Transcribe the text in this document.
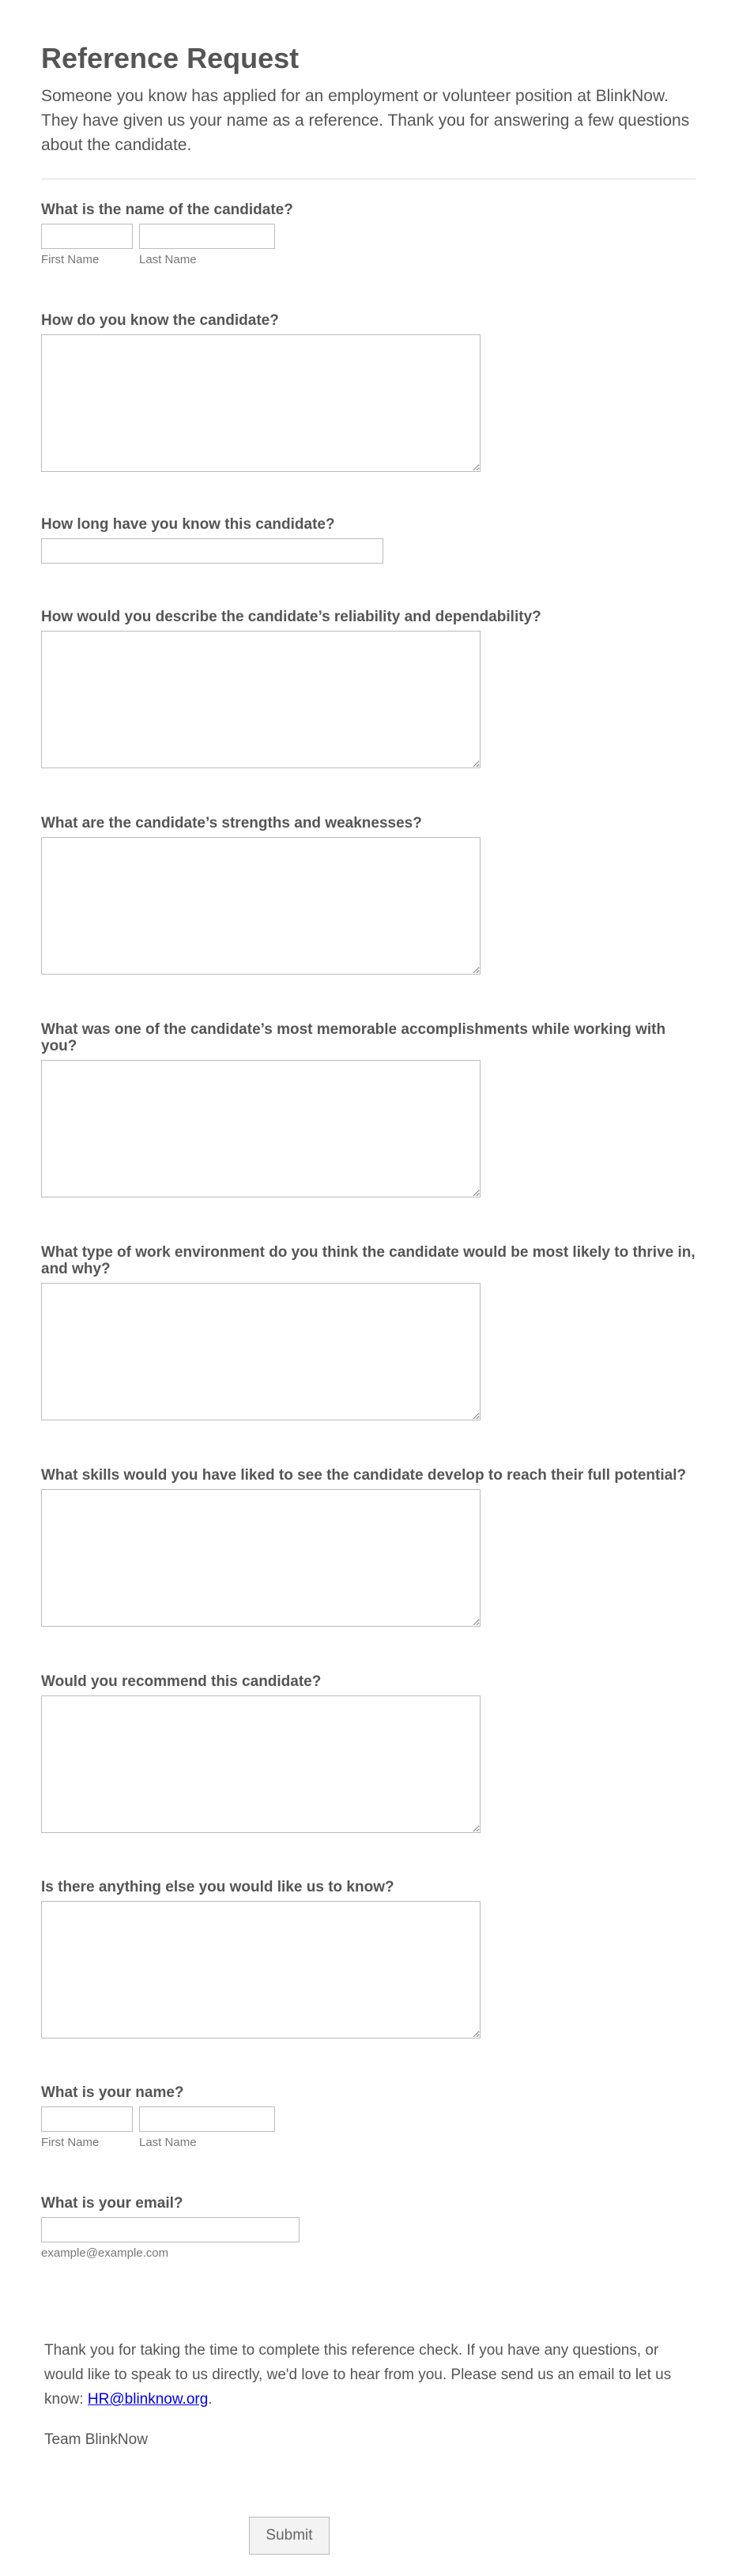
Reference Request
Someone you know has applied for an employment or volunteer position at BlinkNow. They have given us your name as a reference. Thank you for answering a few questions about the candidate.
What is the name of the candidate?
First Name	Last Name
How do you know the candidate?
How long have you know this candidate?
How would you describe the candidate’s reliability and dependability?
What are the candidate’s strengths and weaknesses?
What was one of the candidate’s most memorable accomplishments while working with you?
What type of work environment do you think the candidate would be most likely to thrive in, and why?
What skills would you have liked to see the candidate develop to reach their full potential?
Would you recommend this candidate?
Is there anything else you would like us to know?
What is your name?
First Name	Last Name
What is your email?
example@example.com
Thank you for taking the time to complete this reference check. If you have any questions, or would like to speak to us directly, we'd love to hear from you. Please send us an email to let us know: HR@blinknow.org.
Team BlinkNow
Submit
